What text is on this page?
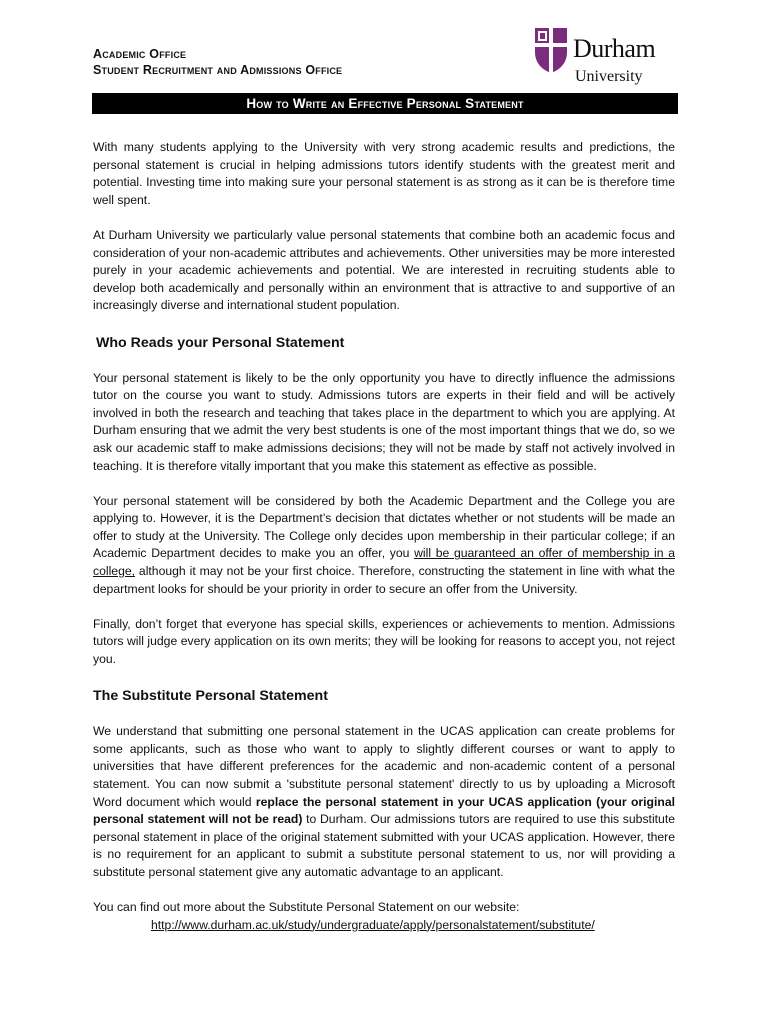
Academic Office
Student Recruitment and Admissions Office
Durham
University
How to Write an Effective Personal Statement

With many students applying to the University with very strong academic results and predictions, the personal statement is crucial in helping admissions tutors identify students with the greatest merit and potential. Investing time into making sure your personal statement is as strong as it can be is therefore time well spent.

At Durham University we particularly value personal statements that combine both an academic focus and consideration of your non-academic attributes and achievements. Other universities may be more interested purely in your academic achievements and potential. We are interested in recruiting students able to develop both academically and personally within an environment that is attractive to and supportive of an increasingly diverse and international student population.

Who Reads your Personal Statement

Your personal statement is likely to be the only opportunity you have to directly influence the admissions tutor on the course you want to study. Admissions tutors are experts in their field and will be actively involved in both the research and teaching that takes place in the department to which you are applying. At Durham ensuring that we admit the very best students is one of the most important things that we do, so we ask our academic staff to make admissions decisions; they will not be made by staff not actively involved in teaching. It is therefore vitally important that you make this statement as effective as possible.

Your personal statement will be considered by both the Academic Department and the College you are applying to. However, it is the Department’s decision that dictates whether or not students will be made an offer to study at the University. The College only decides upon membership in their particular college; if an Academic Department decides to make you an offer, you will be guaranteed an offer of membership in a college, although it may not be your first choice. Therefore, constructing the statement in line with what the department looks for should be your priority in order to secure an offer from the University.

Finally, don’t forget that everyone has special skills, experiences or achievements to mention. Admissions tutors will judge every application on its own merits; they will be looking for reasons to accept you, not reject you.

The Substitute Personal Statement

We understand that submitting one personal statement in the UCAS application can create problems for some applicants, such as those who want to apply to slightly different courses or want to apply to universities that have different preferences for the academic and non-academic content of a personal statement. You can now submit a 'substitute personal statement' directly to us by uploading a Microsoft Word document which would replace the personal statement in your UCAS application (your original personal statement will not be read) to Durham. Our admissions tutors are required to use this substitute personal statement in place of the original statement submitted with your UCAS application. However, there is no requirement for an applicant to submit a substitute personal statement to us, nor will providing a substitute personal statement give any automatic advantage to an applicant.

You can find out more about the Substitute Personal Statement on our website:

http://www.durham.ac.uk/study/undergraduate/apply/personalstatement/substitute/
